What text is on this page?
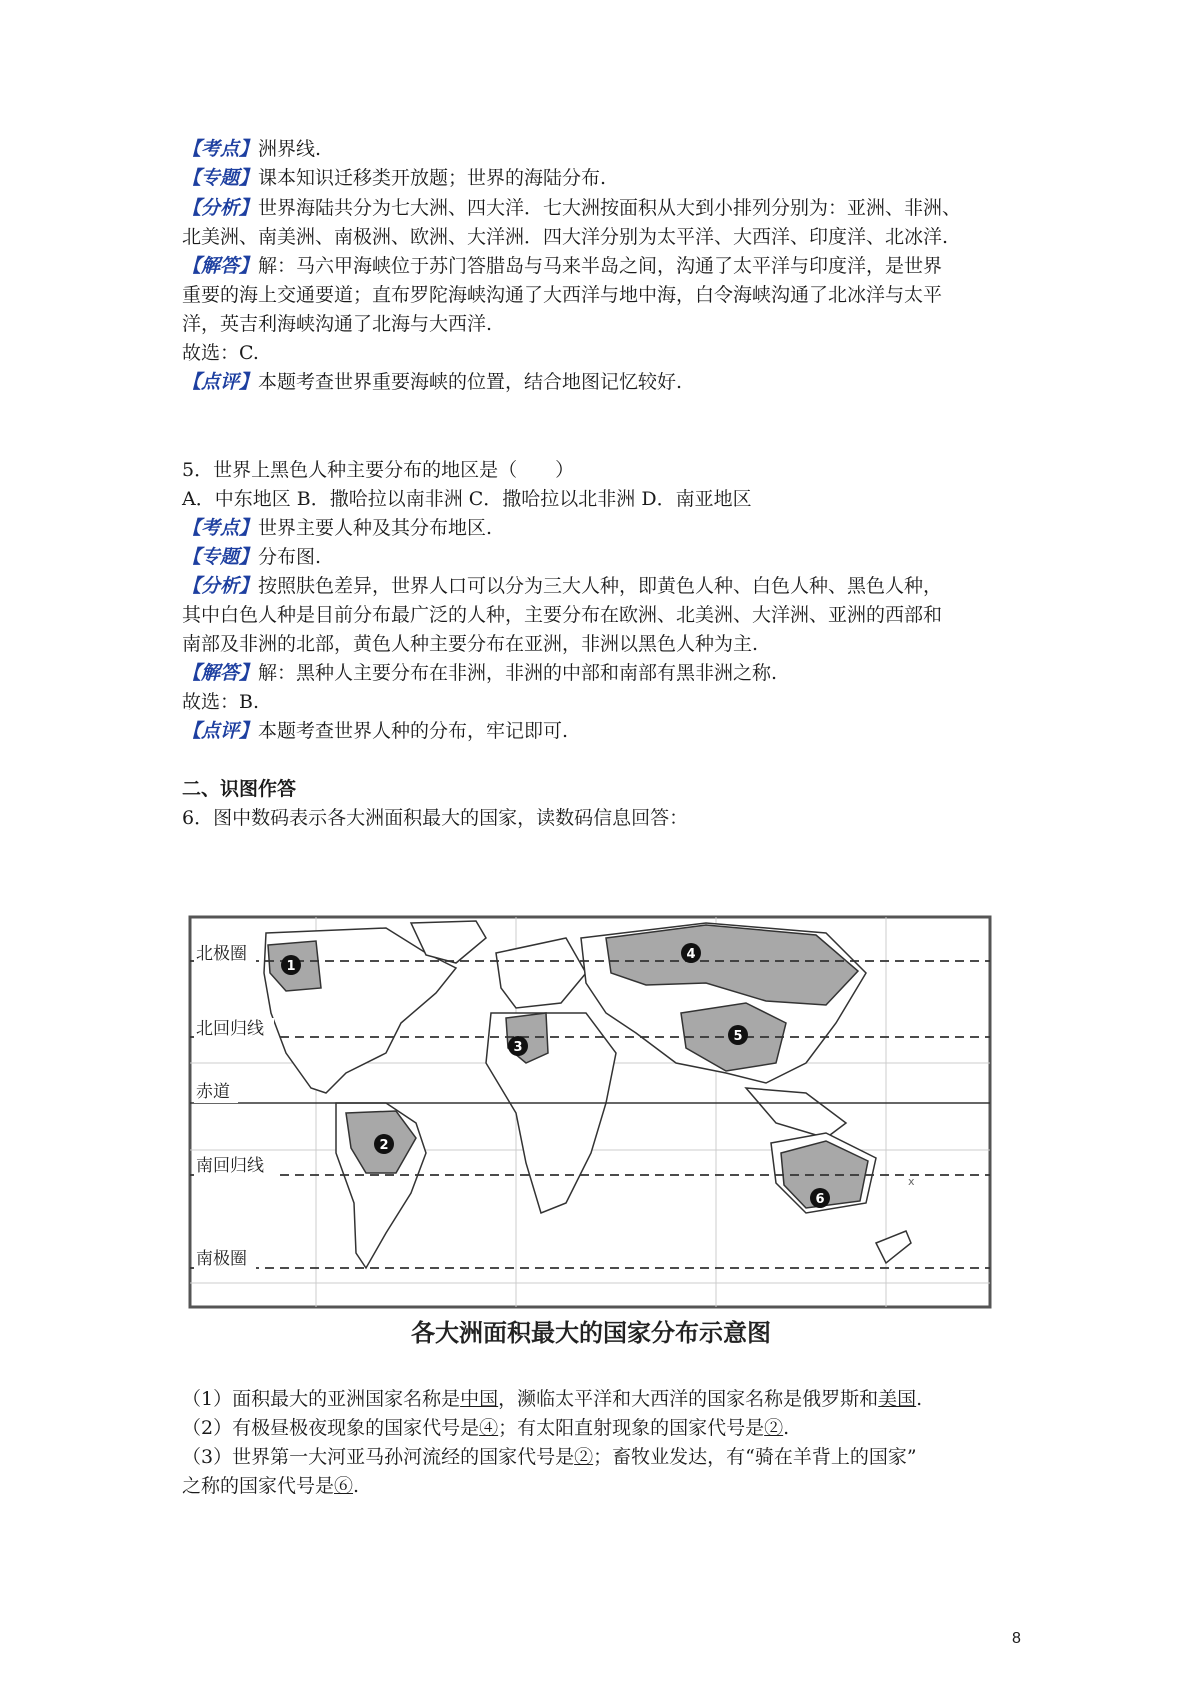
【考点】洲界线.
【专题】课本知识迁移类开放题；世界的海陆分布.
【分析】世界海陆共分为七大洲、四大洋．七大洲按面积从大到小排列分别为：亚洲、非洲、
北美洲、南美洲、南极洲、欧洲、大洋洲．四大洋分别为太平洋、大西洋、印度洋、北冰洋.
【解答】解：马六甲海峡位于苏门答腊岛与马来半岛之间，沟通了太平洋与印度洋，是世界
重要的海上交通要道；直布罗陀海峡沟通了大西洋与地中海，白令海峡沟通了北冰洋与太平
洋，英吉利海峡沟通了北海与大西洋.
故选：C.
【点评】本题考查世界重要海峡的位置，结合地图记忆较好.
5．世界上黑色人种主要分布的地区是（　　）
A．中东地区 B．撒哈拉以南非洲 C．撒哈拉以北非洲 D．南亚地区
【考点】世界主要人种及其分布地区.
【专题】分布图.
【分析】按照肤色差异，世界人口可以分为三大人种，即黄色人种、白色人种、黑色人种，
其中白色人种是目前分布最广泛的人种，主要分布在欧洲、北美洲、大洋洲、亚洲的西部和
南部及非洲的北部，黄色人种主要分布在亚洲，非洲以黑色人种为主.
【解答】解：黑种人主要分布在非洲，非洲的中部和南部有黑非洲之称.
故选：B.
【点评】本题考查世界人种的分布，牢记即可.
二、识图作答
6．图中数码表示各大洲面积最大的国家，读数码信息回答：
北极圈
北回归线
赤道
南回归线
南极圈
1
4
5
3
2
6
x
各大洲面积最大的国家分布示意图
（1）面积最大的亚洲国家名称是中国，濒临太平洋和大西洋的国家名称是俄罗斯和美国.
（2）有极昼极夜现象的国家代号是④；有太阳直射现象的国家代号是②.
（3）世界第一大河亚马孙河流经的国家代号是②；畜牧业发达，有“骑在羊背上的国家”
之称的国家代号是⑥.
8
